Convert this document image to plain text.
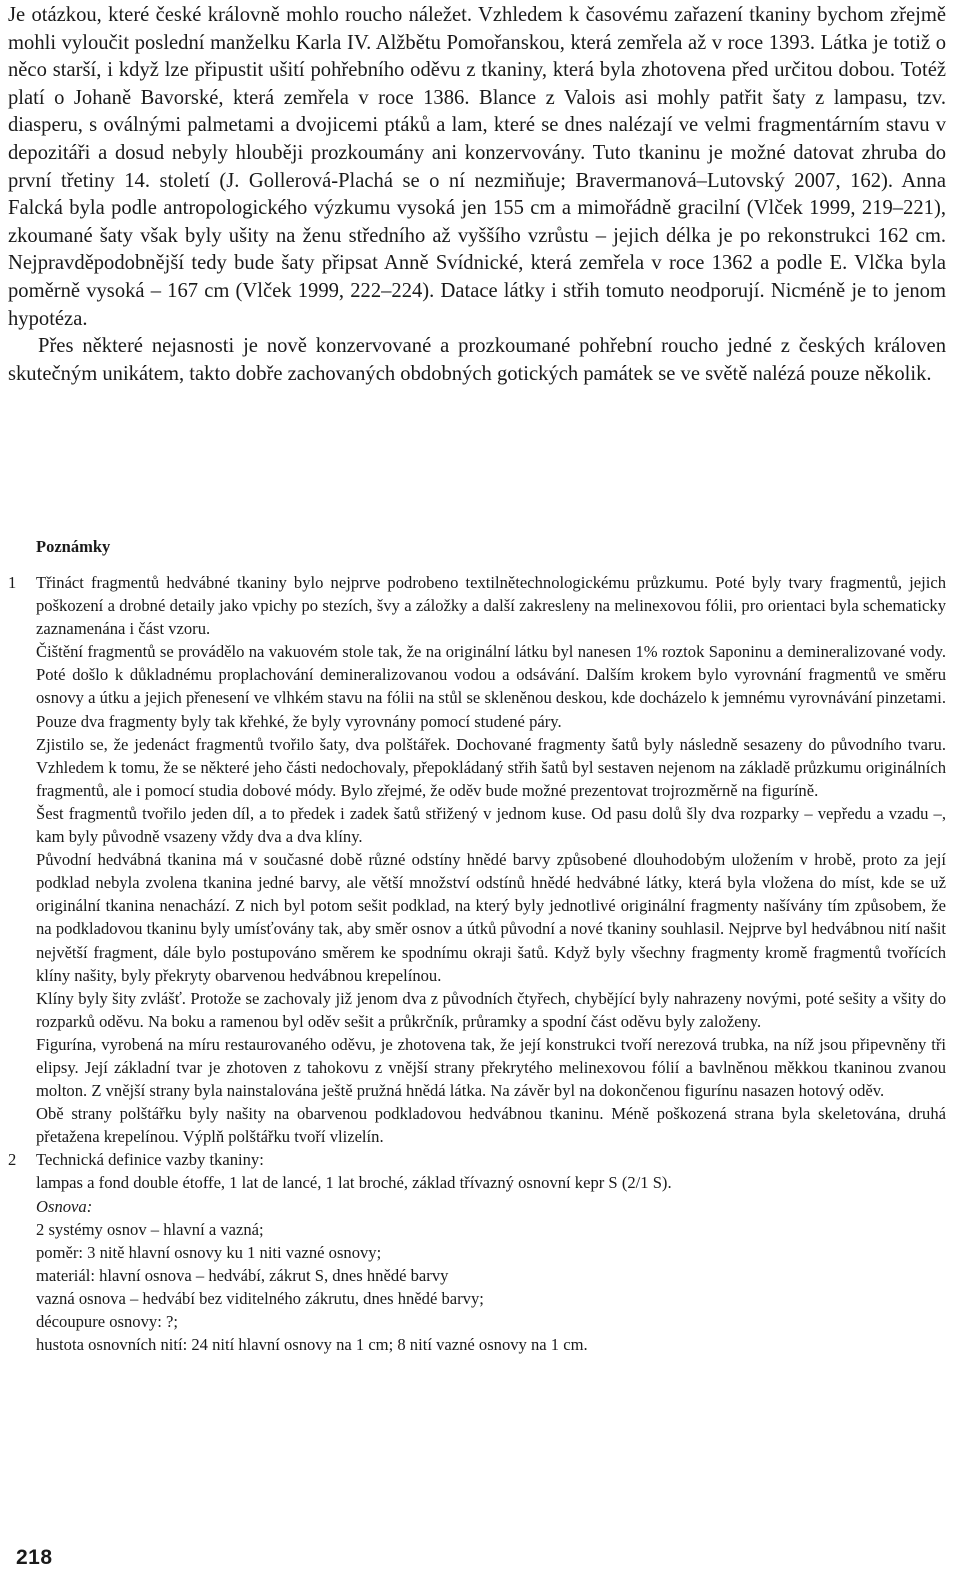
Je otázkou, které české královně mohlo roucho náležet. Vzhledem k časovému zařazení tkaniny bychom zřejmě mohli vyloučit poslední manželku Karla IV. Alžbětu Pomořanskou, která zemřela až v roce 1393. Látka je totiž o něco starší, i když lze připustit ušití pohřebního oděvu z tkaniny, která byla zhotovena před určitou dobou. Totéž platí o Johaně Bavorské, která zemřela v roce 1386. Blance z Valois asi mohly patřit šaty z lampasu, tzv. diasperu, s oválnými palmetami a dvojicemi ptáků a lam, které se dnes nalézají ve velmi fragmentárním stavu v depozitáři a dosud nebyly hlouběji prozkoumány ani konzervovány. Tuto tkaninu je možné datovat zhruba do první třetiny 14. století (J. Gollerová-Plachá se o ní nezmiňuje; Bravermanová–Lutovský 2007, 162). Anna Falcká byla podle antropologického výzkumu vysoká jen 155 cm a mimořádně gracilní (Vlček 1999, 219–221), zkoumané šaty však byly ušity na ženu středního až vyššího vzrůstu – jejich délka je po rekonstrukci 162 cm. Nejpravděpodobnější tedy bude šaty připsat Anně Svídnické, která zemřela v roce 1362 a podle E. Vlčka byla poměrně vysoká – 167 cm (Vlček 1999, 222–224). Datace látky i střih tomuto neodporují. Nicméně je to jenom hypotéza.

Přes některé nejasnosti je nově konzervované a prozkoumané pohřební roucho jedné z českých královen skutečným unikátem, takto dobře zachovaných obdobných gotických památek se ve světě nalézá pouze několik.

Poznámky
1 Třináct fragmentů hedvábné tkaniny bylo nejprve podrobeno textilnětechnologickému průzkumu. Poté byly tvary fragmentů, jejich poškození a drobné detaily jako vpichy po stezích, švy a záložky a další zakresleny na melinexovou fólii, pro orientaci byla schematicky zaznamenána i část vzoru.

Čištění fragmentů se provádělo na vakuovém stole tak, že na originální látku byl nanesen 1% roztok Saponinu a demineralizované vody. Poté došlo k důkladnému proplachování demineralizovanou vodou a odsávání. Dalším krokem bylo vyrovnání fragmentů ve směru osnovy a útku a jejich přenesení ve vlhkém stavu na fólii na stůl se skleněnou deskou, kde docházelo k jemnému vyrovnávání pinzetami. Pouze dva fragmenty byly tak křehké, že byly vyrovnány pomocí studené páry.

Zjistilo se, že jedenáct fragmentů tvořilo šaty, dva polštářek. Dochované fragmenty šatů byly následně sesazeny do původního tvaru. Vzhledem k tomu, že se některé jeho části nedochovaly, přepokládaný střih šatů byl sestaven nejenom na základě průzkumu originálních fragmentů, ale i pomocí studia dobové módy. Bylo zřejmé, že oděv bude možné prezentovat trojrozměrně na figuríně.

Šest fragmentů tvořilo jeden díl, a to předek i zadek šatů střižený v jednom kuse. Od pasu dolů šly dva rozparky – vepředu a vzadu –, kam byly původně vsazeny vždy dva a dva klíny.

Původní hedvábná tkanina má v současné době různé odstíny hnědé barvy způsobené dlouhodobým uložením v hrobě, proto za její podklad nebyla zvolena tkanina jedné barvy, ale větší množství odstínů hnědé hedvábné látky, která byla vložena do míst, kde se už originální tkanina nenachází. Z nich byl potom sešit podklad, na který byly jednotlivé originální fragmenty našívány tím způsobem, že na podkladovou tkaninu byly umísťovány tak, aby směr osnov a útků původní a nové tkaniny souhlasil. Nejprve byl hedvábnou nití našit největší fragment, dále bylo postupováno směrem ke spodnímu okraji šatů. Když byly všechny fragmenty kromě fragmentů tvořících klíny našity, byly překryty obarvenou hedvábnou krepelínou.

Klíny byly šity zvlášť. Protože se zachovaly již jenom dva z původních čtyřech, chybějící byly nahrazeny novými, poté sešity a všity do rozparků oděvu. Na boku a ramenou byl oděv sešit a průkrčník, průramky a spodní část oděvu byly založeny.

Figurína, vyrobená na míru restaurovaného oděvu, je zhotovena tak, že její konstrukci tvoří nerezová trubka, na níž jsou připevněny tři elipsy. Její základní tvar je zhotoven z tahokovu z vnější strany překrytého melinexovou fólií a bavlněnou měkkou tkaninou zvanou molton. Z vnější strany byla nainstalována ještě pružná hnědá látka. Na závěr byl na dokončenou figurínu nasazen hotový oděv.

Obě strany polštářku byly našity na obarvenou podkladovou hedvábnou tkaninu. Méně poškozená strana byla skeletována, druhá přetažena krepelínou. Výplň polštářku tvoří vlizelín.

2 Technická definice vazby tkaniny:

lampas a fond double étoffe, 1 lat de lancé, 1 lat broché, základ třívazný osnovní kepr S (2/1 S).

Osnova:

2 systémy osnov – hlavní a vazná;

poměr: 3 nitě hlavní osnovy ku 1 niti vazné osnovy;

materiál: hlavní osnova – hedvábí, zákrut S, dnes hnědé barvy

vazná osnova – hedvábí bez viditelného zákrutu, dnes hnědé barvy;

découpure osnovy: ?;

hustota osnovních nití: 24 nití hlavní osnovy na 1 cm; 8 nití vazné osnovy na 1 cm.

218
